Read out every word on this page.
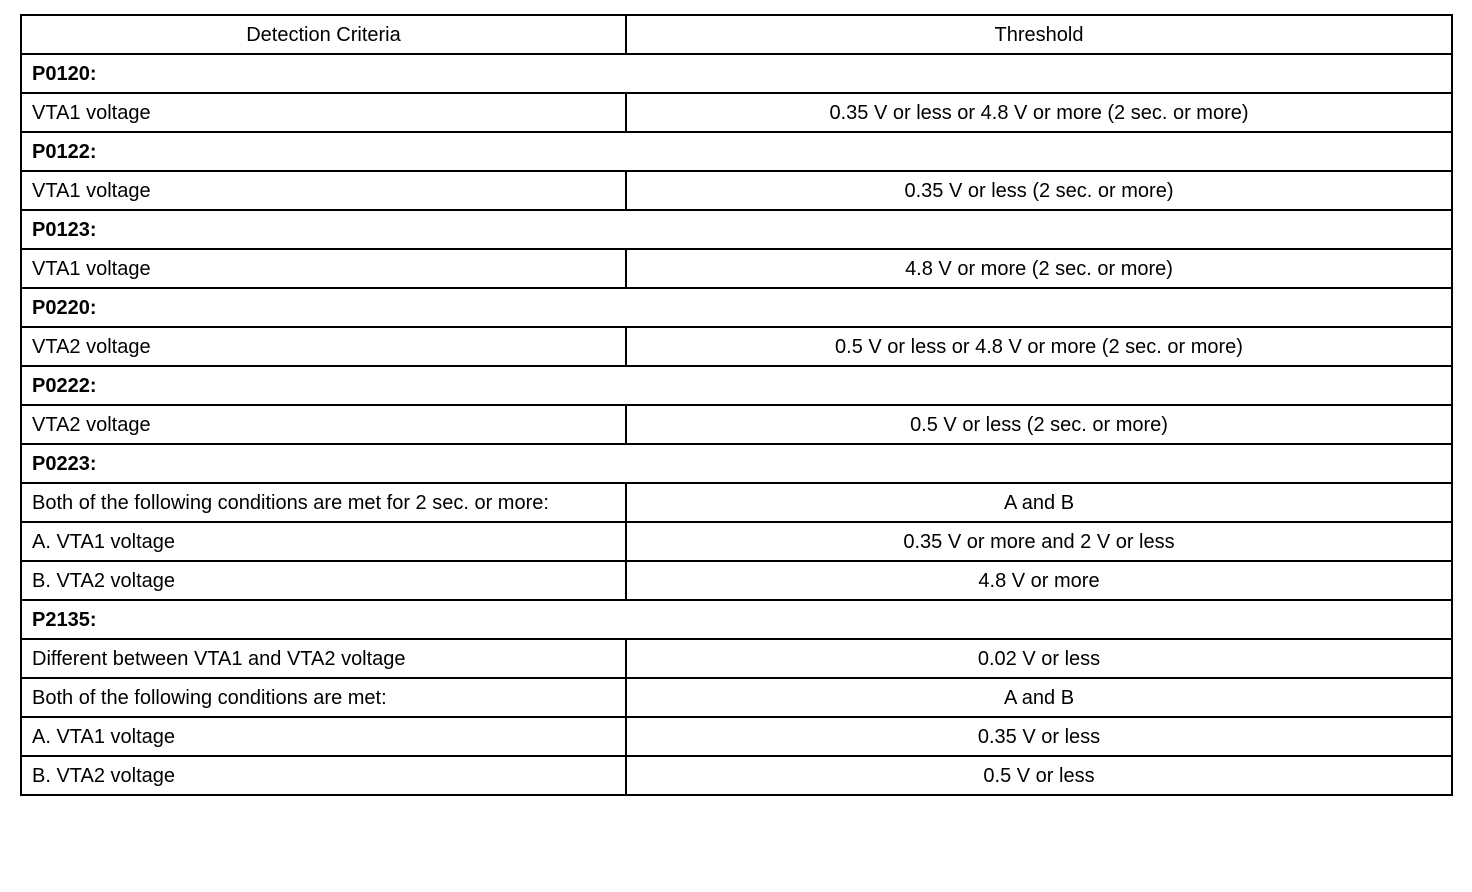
Detection Criteria	Threshold
P0120:	
VTA1 voltage	0.35 V or less or 4.8 V or more (2 sec. or more)
P0122:	
VTA1 voltage	0.35 V or less (2 sec. or more)
P0123:	
VTA1 voltage	4.8 V or more (2 sec. or more)
P0220:	
VTA2 voltage	0.5 V or less or 4.8 V or more (2 sec. or more)
P0222:	
VTA2 voltage	0.5 V or less (2 sec. or more)
P0223:	
Both of the following conditions are met for 2 sec. or more:	A and B
A. VTA1 voltage	0.35 V or more and 2 V or less
B. VTA2 voltage	4.8 V or more
P2135:	
Different between VTA1 and VTA2 voltage	0.02 V or less
Both of the following conditions are met:	A and B
A. VTA1 voltage	0.35 V or less
B. VTA2 voltage	0.5 V or less
